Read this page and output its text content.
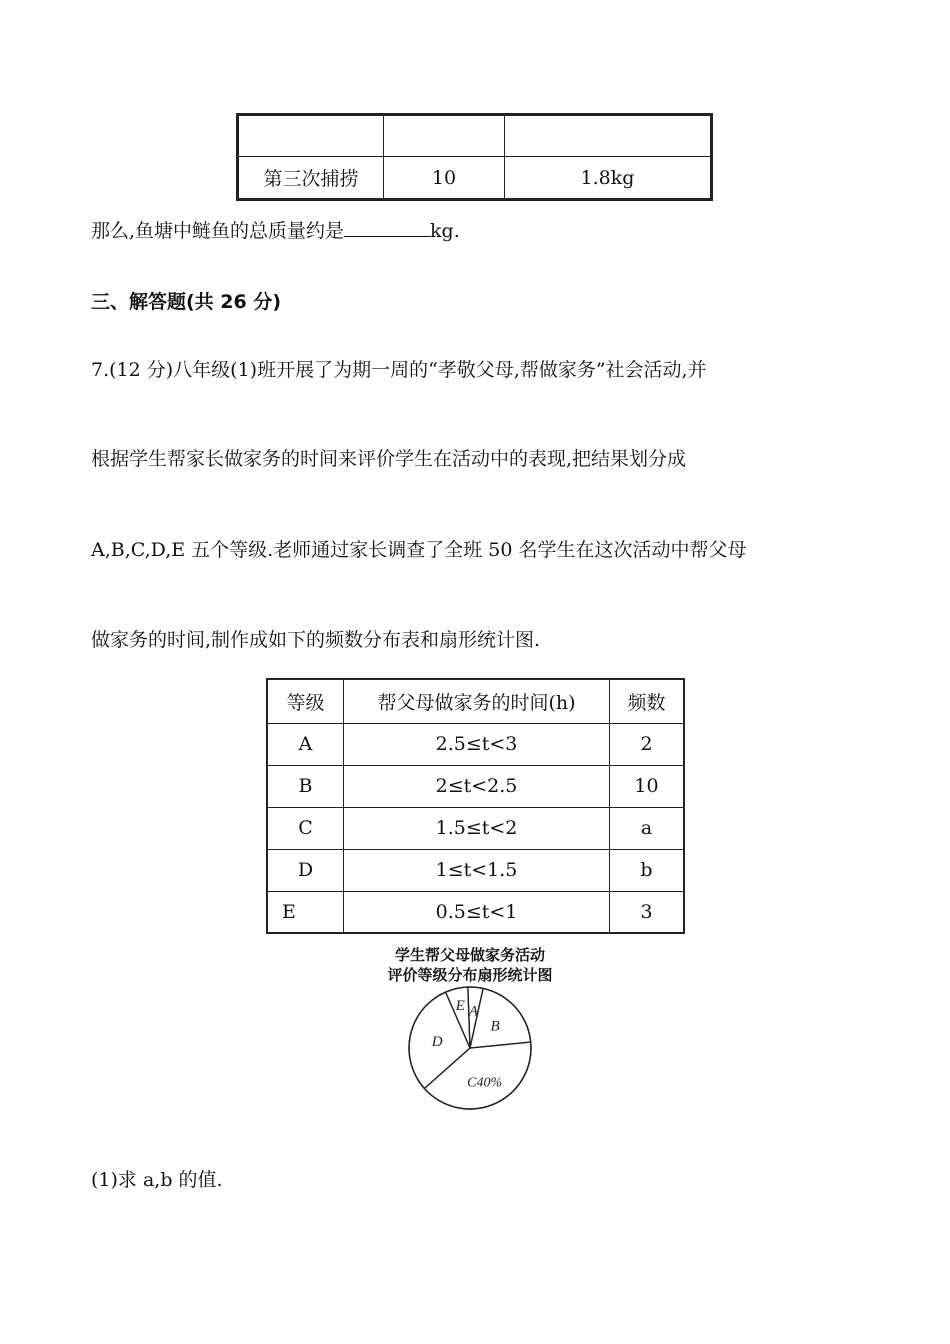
第三次捕捞	10	1.8kg
那么,鱼塘中鲢鱼的总质量约是	kg.
三、解答题(共 26 分)
7.(12 分)八年级(1)班开展了为期一周的“孝敬父母,帮做家务”社会活动,并
根据学生帮家长做家务的时间来评价学生在活动中的表现,把结果划分成
A,B,C,D,E 五个等级.老师通过家长调查了全班 50 名学生在这次活动中帮父母
做家务的时间,制作成如下的频数分布表和扇形统计图.
等级	帮父母做家务的时间(h)	频数
A	2.5≤t<3	2
B	2≤t<2.5	10
C	1.5≤t<2	a
D	1≤t<1.5	b
E	0.5≤t<1	3
学生帮父母做家务活动
评价等级分布扇形统计图
A
B
C40%
D
E
(1)求 a,b 的值.
